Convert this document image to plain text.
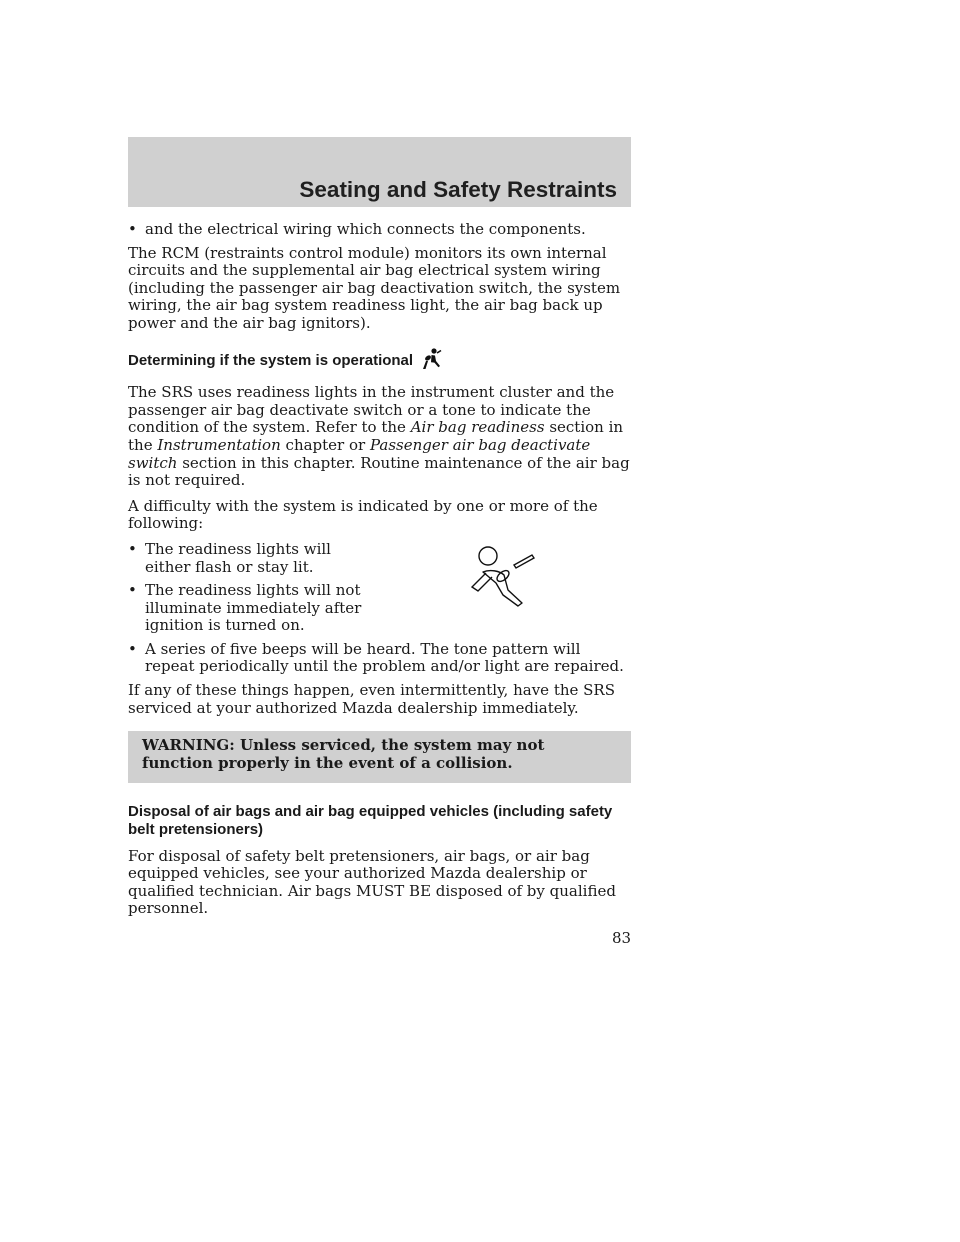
Seating and Safety Restraints
• and the electrical wiring which connects the components.

The RCM (restraints control module) monitors its own internal circuits and the supplemental air bag electrical system wiring (including the passenger air bag deactivation switch, the system wiring, the air bag system readiness light, the air bag back up power and the air bag ignitors).

Determining if the system is operational

The SRS uses readiness lights in the instrument cluster and the passenger air bag deactivate switch or a tone to indicate the condition of the system. Refer to the Air bag readiness section in the Instrumentation chapter or Passenger air bag deactivate switch section in this chapter. Routine maintenance of the air bag is not required.

A difficulty with the system is indicated by one or more of the following:

• The readiness lights will either flash or stay lit.
• The readiness lights will not illuminate immediately after ignition is turned on.
• A series of five beeps will be heard. The tone pattern will repeat periodically until the problem and/or light are repaired.

If any of these things happen, even intermittently, have the SRS serviced at your authorized Mazda dealership immediately.

WARNING: Unless serviced, the system may not function properly in the event of a collision.
Disposal of air bags and air bag equipped vehicles (including safety belt pretensioners)

For disposal of safety belt pretensioners, air bags, or air bag equipped vehicles, see your authorized Mazda dealership or qualified technician. Air bags MUST BE disposed of by qualified personnel.

83
